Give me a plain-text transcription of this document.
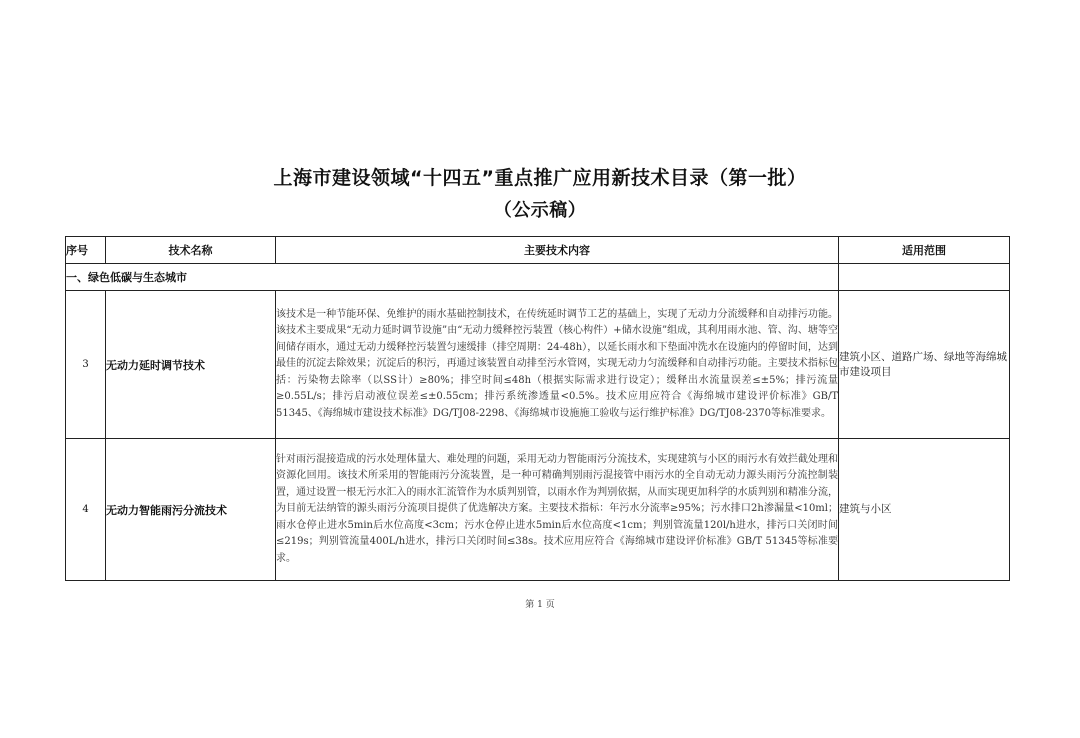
上海市建设领域“十四五”重点推广应用新技术目录（第一批）
（公示稿）
序号	技术名称	主要技术内容	适用范围
一、绿色低碳与生态城市			
3	无动力延时调节技术	该技术是一种节能环保、免维护的雨水基础控制技术，在传统延时调节工艺的基础上，实现了无动力分流缓释和自动排污功能。该技术主要成果“无动力延时调节设施”由“无动力缓释控污装置（核心构件）+储水设施”组成，其利用雨水池、管、沟、塘等空间储存雨水，通过无动力缓释控污装置匀速缓排（排空周期：24-48h），以延长雨水和下垫面冲洗水在设施内的停留时间，达到最佳的沉淀去除效果；沉淀后的积污，再通过该装置自动排至污水管网，实现无动力匀流缓释和自动排污功能。主要技术指标包括：污染物去除率（以SS计）≥80%；排空时间≤48h（根据实际需求进行设定）；缓释出水流量误差≤±5%；排污流量≥0.55L/s；排污启动液位误差≤±0.55cm；排污系统渗透量<0.5%。技术应用应符合《海绵城市建设评价标准》GB/T 51345、《海绵城市建设技术标准》DG/TJ08-2298、《海绵城市设施施工验收与运行维护标准》DG/TJ08-2370等标准要求。	建筑小区、道路广场、绿地等海绵城市建设项目
4	无动力智能雨污分流技术	针对雨污混接造成的污水处理体量大、难处理的问题，采用无动力智能雨污分流技术，实现建筑与小区的雨污水有效拦截处理和资源化回用。该技术所采用的智能雨污分流装置，是一种可精确判别雨污混接管中雨污水的全自动无动力源头雨污分流控制装置，通过设置一根无污水汇入的雨水汇流管作为水质判别管，以雨水作为判别依据，从而实现更加科学的水质判别和精准分流，为目前无法纳管的源头雨污分流项目提供了优选解决方案。主要技术指标：年污水分流率≥95%；污水排口2h渗漏量<10ml；雨水仓停止进水5min后水位高度<3cm；污水仓停止进水5min后水位高度<1cm；判别管流量120l/h进水，排污口关闭时间≤219s；判别管流量400L/h进水，排污口关闭时间≤38s。技术应用应符合《海绵城市建设评价标准》GB/T 51345等标准要求。	建筑与小区
第 1 页
